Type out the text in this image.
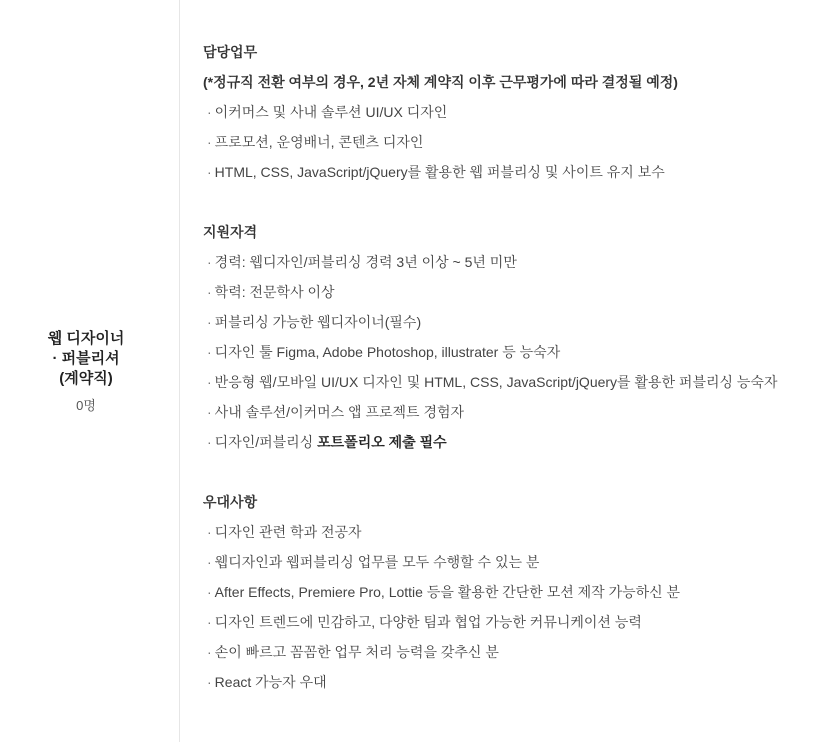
웹 디자이너
· 퍼블리셔
(계약직)
0명
담당업무
(*정규직 전환 여부의 경우, 2년 자체 계약직 이후 근무평가에 따라 결정될 예정)
· 이커머스 및 사내 솔루션 UI/UX 디자인
· 프로모션, 운영배너, 콘텐츠 디자인
· HTML, CSS, JavaScript/jQuery를 활용한 웹 퍼블리싱 및 사이트 유지 보수
지원자격
· 경력: 웹디자인/퍼블리싱 경력 3년 이상 ~ 5년 미만
· 학력: 전문학사 이상
· 퍼블리싱 가능한 웹디자이너(필수)
· 디자인 툴 Figma, Adobe Photoshop, illustrater 등 능숙자
· 반응형 웹/모바일 UI/UX 디자인 및 HTML, CSS, JavaScript/jQuery를 활용한 퍼블리싱 능숙자
· 사내 솔루션/이커머스 앱 프로젝트 경험자
· 디자인/퍼블리싱 포트폴리오 제출 필수
우대사항
· 디자인 관련 학과 전공자
· 웹디자인과 웹퍼블리싱 업무를 모두 수행할 수 있는 분
· After Effects, Premiere Pro, Lottie 등을 활용한 간단한 모션 제작 가능하신 분
· 디자인 트렌드에 민감하고, 다양한 팀과 협업 가능한 커뮤니케이션 능력
· 손이 빠르고 꼼꼼한 업무 처리 능력을 갖추신 분
· React 가능자 우대
